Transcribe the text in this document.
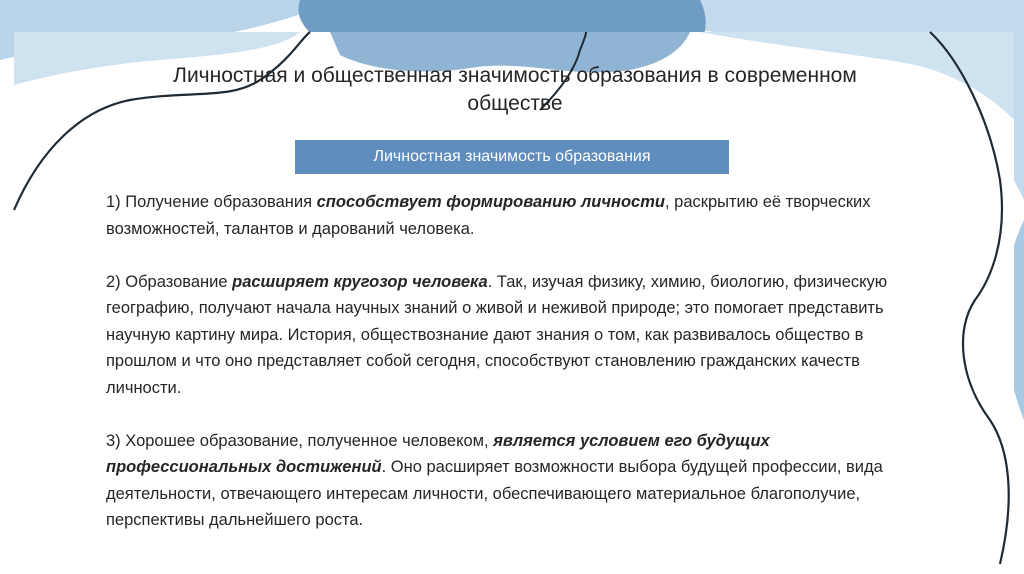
Личностная и общественная значимость образования в современном обществе
Личностная значимость образования

1) Получение образования способствует формированию личности, раскрытию её творческих возможностей, талантов и дарований человека.

2) Образование расширяет кругозор человека. Так, изучая физику, химию, биологию, физическую географию, получают начала научных знаний о живой и неживой природе; это помогает представить научную картину мира. История, обществознание дают знания о том, как развивалось общество в прошлом и что оно представляет собой сегодня, способствуют становлению гражданских качеств личности.

3) Хорошее образование, полученное человеком, является условием его будущих профессиональных достижений. Оно расширяет возможности выбора будущей профессии, вида деятельности, отвечающего интересам личности, обеспечивающего материальное благополучие, перспективы дальнейшего роста.
